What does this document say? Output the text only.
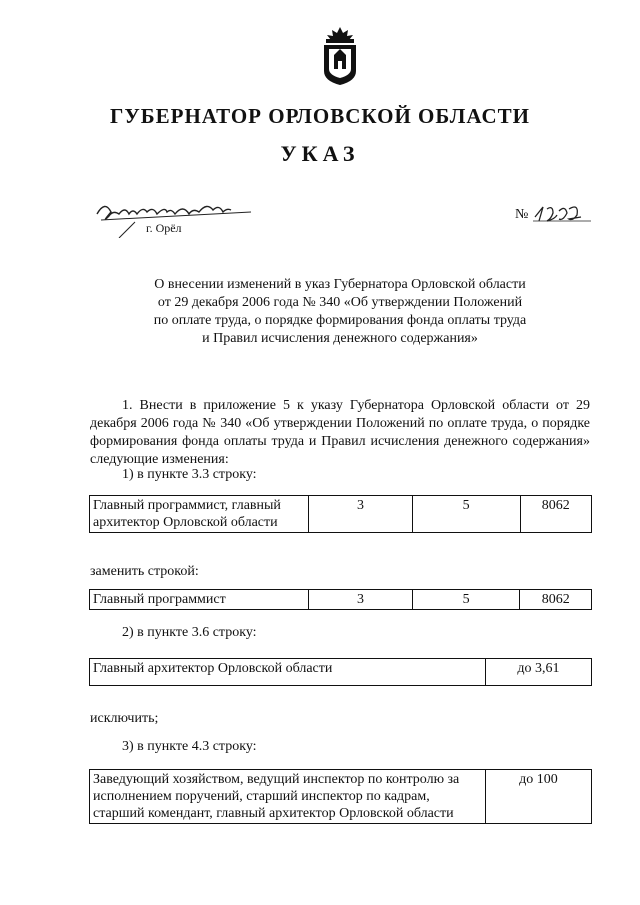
ГУБЕРНАТОР ОРЛОВСКОЙ ОБЛАСТИ
УКАЗ
г. Орёл
№
О внесении изменений в указ Губернатора Орловской области от 29 декабря 2006 года № 340 «Об утверждении Положений по оплате труда, о порядке формирования фонда оплаты труда и Правил исчисления денежного содержания»
1. Внести в приложение 5 к указу Губернатора Орловской области от 29 декабря 2006 года № 340 «Об утверждении Положений по оплате труда, о порядке формирования фонда оплаты труда и Правил исчисления денежного содержания» следующие изменения:
1) в пункте 3.3 строку:
Главный программист, главный архитектор Орловской области	3	5	8062
заменить строкой:
Главный программист	3	5	8062
2) в пункте 3.6 строку:
Главный архитектор Орловской области	до 3,61
исключить;
3) в пункте 4.3 строку:
Заведующий хозяйством, ведущий инспектор по контролю за исполнением поручений, старший инспектор по кадрам, старший комендант, главный архитектор Орловской области	до 100
